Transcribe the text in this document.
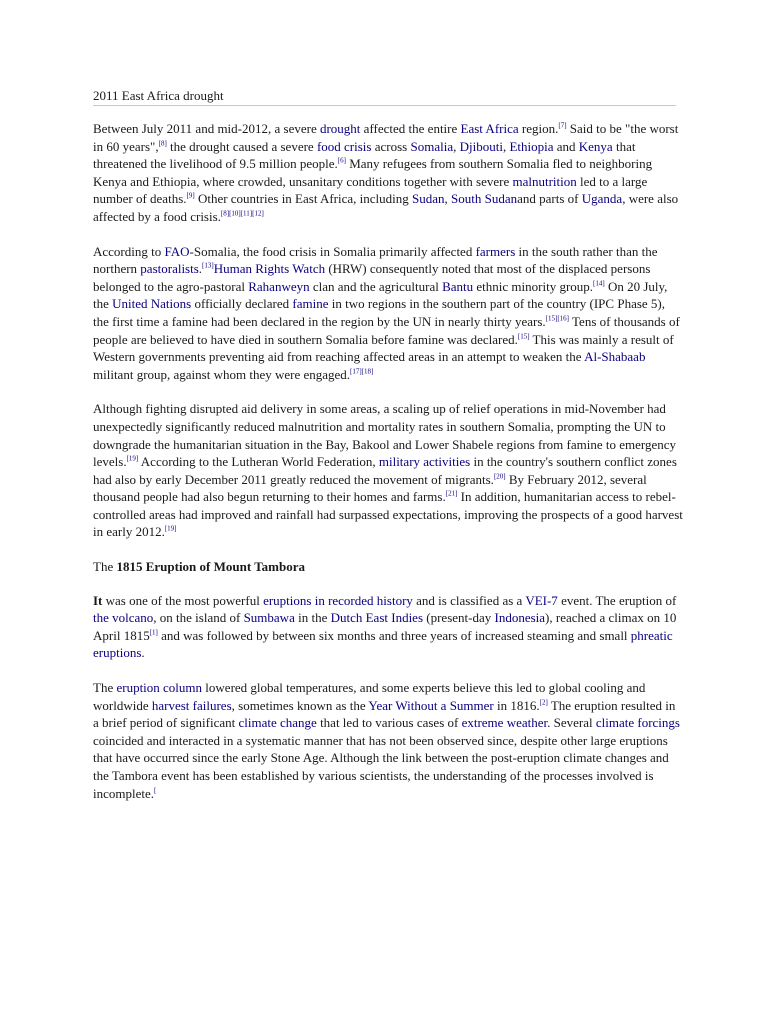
2011 East Africa drought

Between July 2011 and mid-2012, a severe drought affected the entire East Africa region.[7] Said to be "the worst in 60 years",[8] the drought caused a severe food crisis across Somalia, Djibouti, Ethiopia and Kenya that threatened the livelihood of 9.5 million people.[6] Many refugees from southern Somalia fled to neighboring Kenya and Ethiopia, where crowded, unsanitary conditions together with severe malnutrition led to a large number of deaths.[9] Other countries in East Africa, including Sudan, South Sudanand parts of Uganda, were also affected by a food crisis.[8][10][11][12]

According to FAO-Somalia, the food crisis in Somalia primarily affected farmers in the south rather than the northern pastoralists.[13]Human Rights Watch (HRW) consequently noted that most of the displaced persons belonged to the agro-pastoral Rahanweyn clan and the agricultural Bantu ethnic minority group.[14] On 20 July, the United Nations officially declared famine in two regions in the southern part of the country (IPC Phase 5), the first time a famine had been declared in the region by the UN in nearly thirty years.[15][16] Tens of thousands of people are believed to have died in southern Somalia before famine was declared.[15] This was mainly a result of Western governments preventing aid from reaching affected areas in an attempt to weaken the Al-Shabaab militant group, against whom they were engaged.[17][18]

Although fighting disrupted aid delivery in some areas, a scaling up of relief operations in mid-November had unexpectedly significantly reduced malnutrition and mortality rates in southern Somalia, prompting the UN to downgrade the humanitarian situation in the Bay, Bakool and Lower Shabele regions from famine to emergency levels.[19] According to the Lutheran World Federation, military activities in the country's southern conflict zones had also by early December 2011 greatly reduced the movement of migrants.[20] By February 2012, several thousand people had also begun returning to their homes and farms.[21] In addition, humanitarian access to rebel-controlled areas had improved and rainfall had surpassed expectations, improving the prospects of a good harvest in early 2012.[19]

The 1815 Eruption of Mount Tambora

It was one of the most powerful eruptions in recorded history and is classified as a VEI-7 event. The eruption of the volcano, on the island of Sumbawa in the Dutch East Indies (present-day Indonesia), reached a climax on 10 April 1815[1] and was followed by between six months and three years of increased steaming and small phreatic eruptions.

The eruption column lowered global temperatures, and some experts believe this led to global cooling and worldwide harvest failures, sometimes known as the Year Without a Summer in 1816.[2] The eruption resulted in a brief period of significant climate change that led to various cases of extreme weather. Several climate forcings coincided and interacted in a systematic manner that has not been observed since, despite other large eruptions that have occurred since the early Stone Age. Although the link between the post-eruption climate changes and the Tambora event has been established by various scientists, the understanding of the processes involved is incomplete.[
